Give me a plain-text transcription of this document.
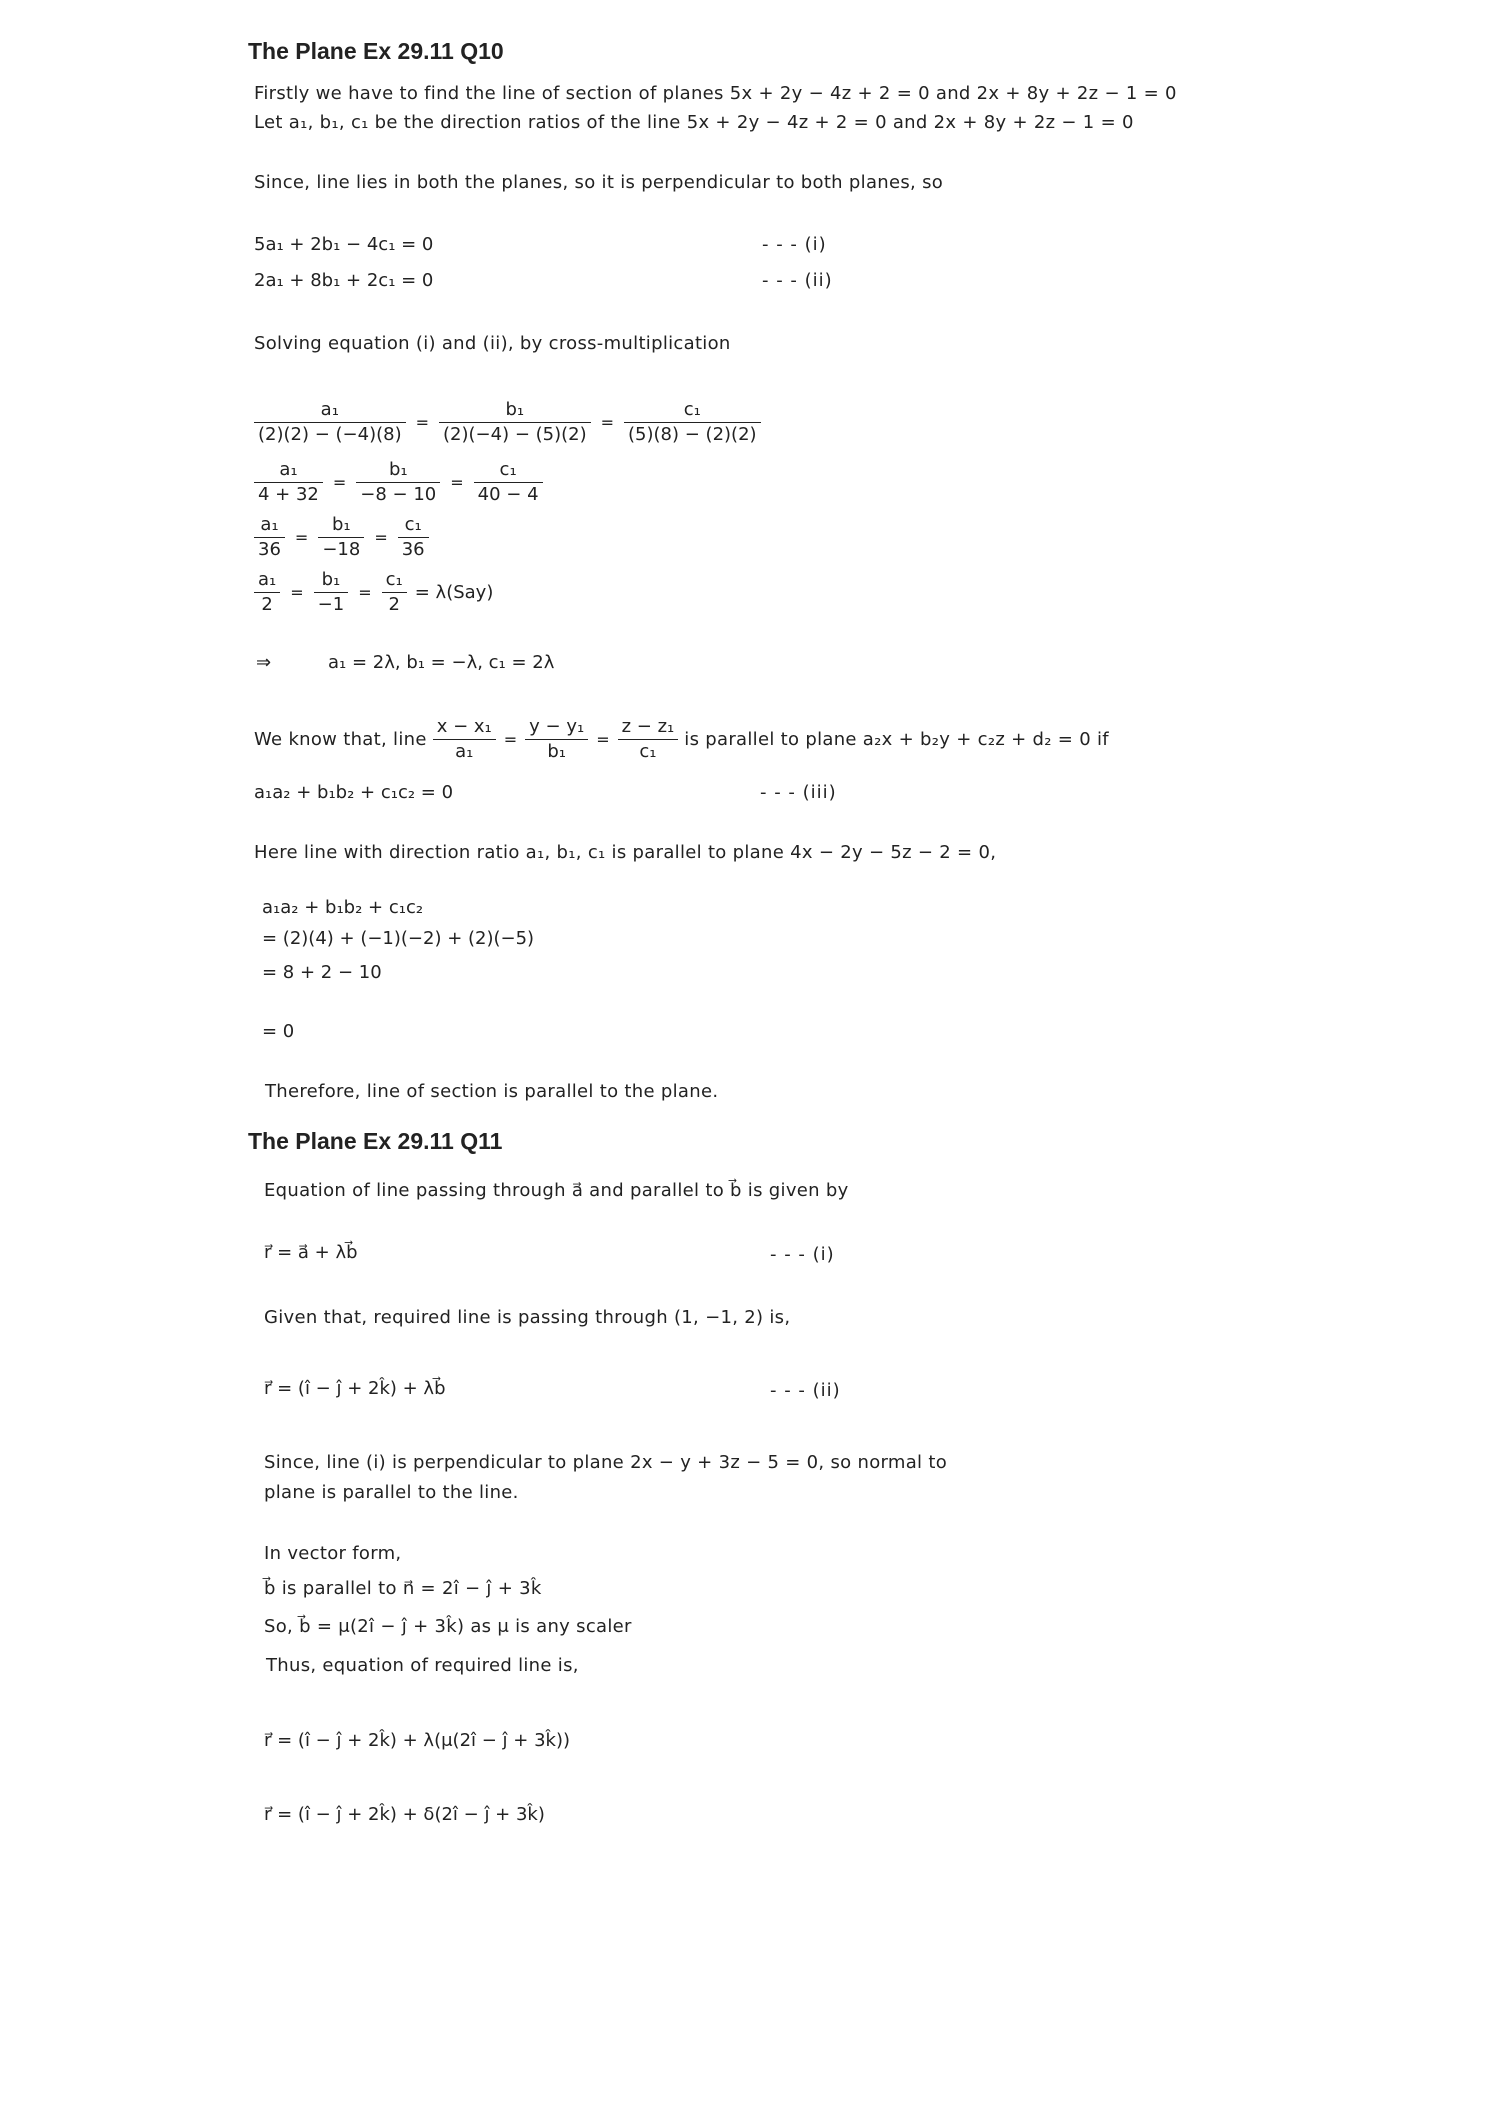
The Plane Ex 29.11 Q10
Firstly we have to find the line of section of planes 5x + 2y − 4z + 2 = 0 and 2x + 8y + 2z − 1 = 0
Let a₁, b₁, c₁ be the direction ratios of the line 5x + 2y − 4z + 2 = 0 and 2x + 8y + 2z − 1 = 0
Since, line lies in both the planes, so it is perpendicular to both planes, so
5a₁ + 2b₁ − 4c₁ = 0	- - - (i)
2a₁ + 8b₁ + 2c₁ = 0	- - - (ii)
Solving equation (i) and (ii), by cross-multiplication
$\frac{\text{a₁}}{(2)(2) - (-4)(8)} = \frac{\text{b₁}}{(2)(-4) - (5)(2)} = \frac{\text{c₁}}{(5)(8) - (2)(2)}$
$\frac{\text{a₁}}{4 + 32} = \frac{\text{b₁}}{-8 - 10} = \frac{\text{c₁}}{40 - 4}$
$\frac{\text{a₁}}{36} = \frac{\text{b₁}}{-18} = \frac{\text{c₁}}{36}$
$\frac{\text{a₁}}{2} = \frac{\text{b₁}}{-1} = \frac{\text{c₁}}{2} = \lambda(Say)$
⇒	a₁ = 2λ, b₁ = −λ, c₁ = 2λ
We know that, line $\frac{\text{x − x₁}}{\text{a₁}} = \frac{\text{y − y₁}}{\text{b₁}} = \frac{\text{z − z₁}}{\text{c₁}}$ is parallel to plane a₂x + b₂y + c₂z + d₂ = 0 if
a₁a₂ + b₁b₂ + c₁c₂ = 0	- - - (iii)
Here line with direction ratio a₁, b₁, c₁ is parallel to plane 4x − 2y − 5z − 2 = 0,
a₁a₂ + b₁b₂ + c₁c₂
= (2)(4) + (−1)(−2) + (2)(−5)
= 8 + 2 − 10
= 0
Therefore, line of section is parallel to the plane.
The Plane Ex 29.11 Q11
Equation of line passing through a⃗ and parallel to b⃗ is given by
r⃗ = a⃗ + λb⃗	- - - (i)
Given that, required line is passing through (1, −1, 2) is,
r⃗ = (î − ĵ + 2k̂) + λb⃗	- - - (ii)
Since, line (i) is perpendicular to plane 2x − y + 3z − 5 = 0, so normal to
plane is parallel to the line.
In vector form,
b⃗ is parallel to n⃗ = 2î − ĵ + 3k̂
So, b⃗ = μ(2î − ĵ + 3k̂) as μ is any scaler
Thus, equation of required line is,
r⃗ = (î − ĵ + 2k̂) + λ(μ(2î − ĵ + 3k̂))
r⃗ = (î − ĵ + 2k̂) + δ(2î − ĵ + 3k̂)
